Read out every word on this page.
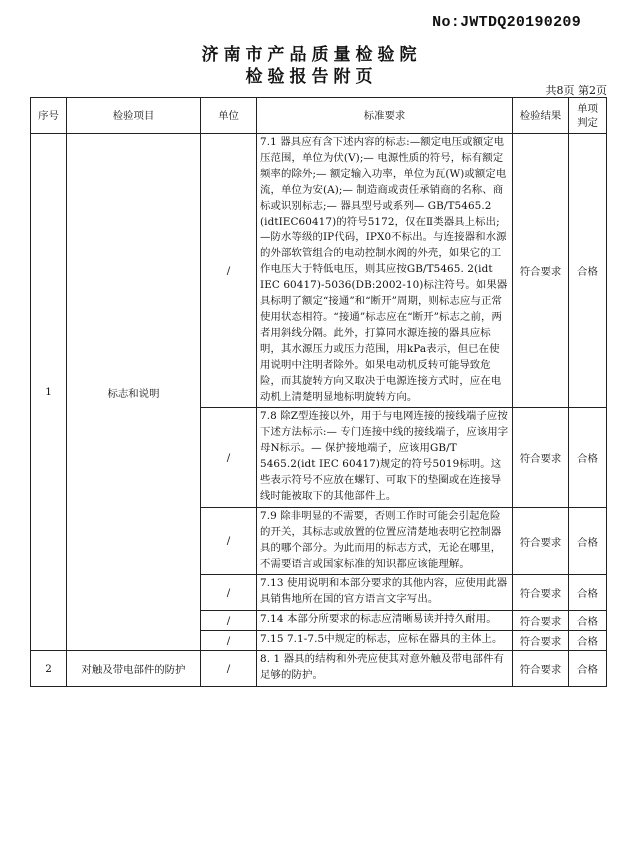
No:JWTDQ20190209
济南市产品质量检验院
检验报告附页
共8页 第2页
序号	检验项目	单位	标准要求	检验结果	单项判定
1	标志和说明	/	7.1 器具应有含下述内容的标志:—额定电压或额定电压范围，单位为伏(V);— 电源性质的符号，标有额定频率的除外;— 额定输入功率，单位为瓦(W)或额定电流，单位为安(A);— 制造商或责任承销商的名称、商标或识别标志;— 器具型号或系列— GB/T5465.2 (idtIEC60417)的符号5172，仅在Ⅱ类器具上标出;—防水等级的IP代码，IPX0不标出。与连接器和水源的外部软管组合的电动控制水阀的外壳，如果它的工作电压大于特低电压，则其应按GB/T5465. 2(idt IEC 60417)-5036(DB:2002-10)标注符号。如果器具标明了额定“接通”和“断开”周期，则标志应与正常使用状态相符。“接通”标志应在“断开”标志之前，两者用斜线分隔。此外，打算同水源连接的器具应标明，其水源压力或压力范围，用kPa表示，但已在使用说明中注明者除外。如果电动机反转可能导致危险，而其旋转方向又取决于电源连接方式时，应在电动机上清楚明显地标明旋转方向。	符合要求	合格
		/	7.8 除Z型连接以外，用于与电网连接的接线端子应按下述方法标示:— 专门连接中线的接线端子，应该用字母N标示。— 保护接地端子，应该用GB/T 5465.2(idt IEC 60417)规定的符号5019标明。这些表示符号不应放在螺钉、可取下的垫圈或在连接导线时能被取下的其他部件上。	符合要求	合格
		/	7.9 除非明显的不需要，否则工作时可能会引起危险的开关，其标志或放置的位置应清楚地表明它控制器具的哪个部分。为此而用的标志方式，无论在哪里，不需要语言或国家标准的知识都应该能理解。	符合要求	合格
		/	7.13 使用说明和本部分要求的其他内容，应使用此器具销售地所在国的官方语言文字写出。	符合要求	合格
		/	7.14 本部分所要求的标志应清晰易读并持久耐用。	符合要求	合格
		/	7.15 7.1-7.5中规定的标志，应标在器具的主体上。	符合要求	合格
2	对触及带电部件的防护	/	8. 1 器具的结构和外壳应使其对意外触及带电部件有足够的防护。	符合要求	合格
